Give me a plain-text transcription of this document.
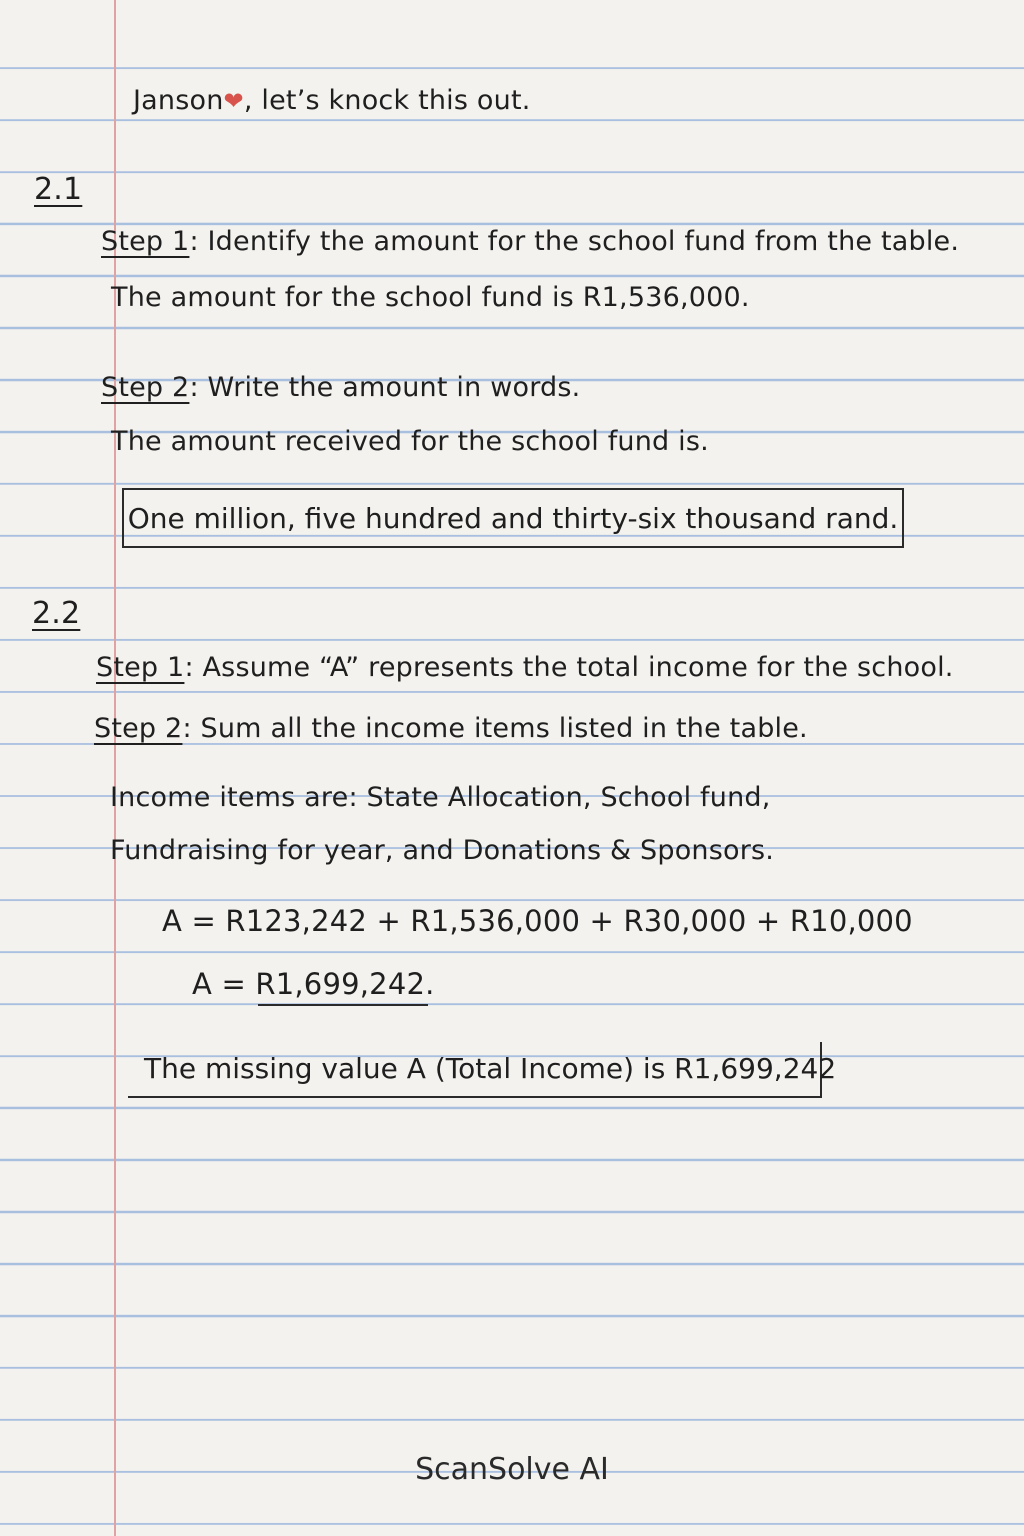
Janson❤, let’s knock this out.
2.1
Step 1: Identify the amount for the school fund from the table.
The amount for the school fund is R1,536,000.
Step 2: Write the amount in words.
The amount received for the school fund is.
One million, five hundred and thirty-six thousand rand.
2.2
Step 1: Assume “A” represents the total income for the school.
Step 2: Sum all the income items listed in the table.
Income items are: State Allocation, School fund,
Fundraising for year, and Donations & Sponsors.
A = R123,242 + R1,536,000 + R30,000 + R10,000
A = R1,699,242.
The missing value A (Total Income) is R1,699,242
ScanSolve AI
